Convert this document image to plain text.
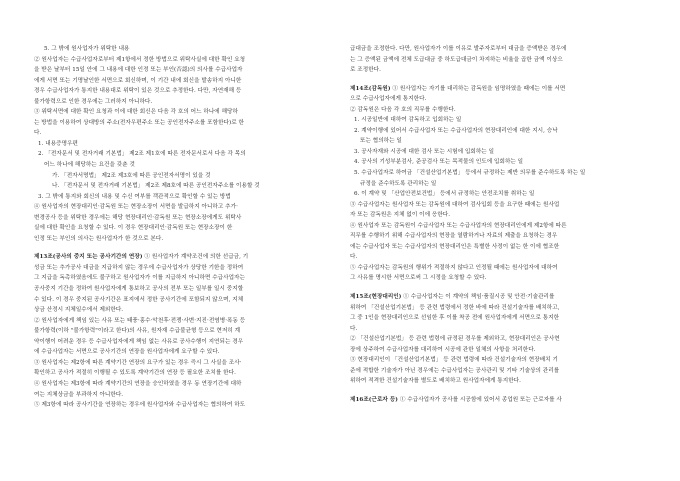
5. 그 밖에 원사업자가 위탁한 내용
② 원사업자는 수급사업자로부터 제1항에서 정한 방법으로 위탁사실에 대한 확인 요청
을 받은 날부터 15일 안에 그 내용에 대한 인정 또는 부인(否認)의 의사를 수급사업자
에게 서면 또는 기명날인한 서면으로 회신하며, 이 기간 내에 회신을 발송하지 아니한
경우 수급사업자가 통지한 내용대로 위탁이 있은 것으로 추정한다. 다만, 자연재해 등
불가항력으로 인한 경우에는 그러하지 아니하다.
③ 위탁서면에 대한 확인 요청과 이에 대한 회신은 다음 각 호의 어느 하나에 해당하
는 방법을 이용하여 상대방의 주소(전자우편주소 또는 공인전자주소를 포함한다)로 한
다.
1. 내용증명우편
2. 「전자문서 및 전자거래 기본법」 제2조 제1호에 따른 전자문서로서 다음 각 목의
어느 하나에 해당하는 요건을 갖춘 것
가. 「전자서명법」 제2조 제3호에 따른 공인전자서명이 있을 것
나. 「전자문서 및 전자거래 기본법」 제2조 제8호에 따른 공인전자주소를 이용할 것
3. 그 밖에 통지와 회신의 내용 및 수신 여부를 객관적으로 확인할 수 있는 방법
④ 원사업자의 현장대리인·감독원 또는 현장소장이 서면을 발급하지 아니하고 추가·
변경공사 등을 위탁한 경우에는 해당 현장대리인·감독원 또는 현장소장에게도 위탁사
실에 대한 확인을 요청할 수 있다. 이 경우 현장대리인·감독원 또는 현장소장이 한
인정 또는 부인의 의사는 원사업자가 한 것으로 본다.
제13조(공사의 중지 또는 공사기간의 연장) ① 원사업자가 계약조건에 의한 선급금, 기
성금 또는 추가공사 대금을 지급하지 않는 경우에 수급사업자가 상당한 기한을 정하여
그 지급을 독촉하였음에도 불구하고 원사업자가 이를 지급하지 아니하면 수급사업자는
공사중지 기간을 정하여 원사업자에게 통보하고 공사의 전부 또는 일부를 일시 중지할
수 있다. 이 경우 중지된 공사기간은 표지에서 정한 공사기간에 포함되지 않으며, 지체
상금 산정시 지체일수에서 제외한다.
② 원사업자에게 책임 있는 사유 또는 태풍·홍수·악천후·전쟁·사변·지진·전염병·폭동 등
불가항력(이하 "불가항력"이라고 한다)의 사유, 원자재 수급불균형 등으로 현저히 계
약이행이 어려운 경우 등 수급사업자에게 책임 없는 사유로 공사수행이 지연되는 경우
에 수급사업자는 서면으로 공사기간의 연장을 원사업자에게 요구할 수 있다.
③ 원사업자는 제2항에 따른 계약기간 연장의 요구가 있는 경우 즉시 그 사실을 조사·
확인하고 공사가 적절히 이행될 수 있도록 계약기간의 연장 등 필요한 조치를 한다.
④ 원사업자는 제3항에 따라 계약기간의 연장을 승인하였을 경우 동 연장기간에 대하
여는 지체상금을 부과하지 아니한다.
⑤ 제3항에 따라 공사기간을 연장하는 경우에 원사업자와 수급사업자는 협의하여 하도
급대금을 조정한다. 다만, 원사업자가 이를 이유로 발주자로부터 대금을 증액받은 경우에
는 그 증액된 금액에 전체 도급대금 중 하도급대금이 차지하는 비율을 곱한 금액 이상으
로 조정한다.
제14조(감독원) ① 원사업자는 자기를 대리하는 감독원을 임명하였을 때에는 이를 서면
으로 수급사업자에게 통지한다.
② 감독원은 다음 각 호의 직무를 수행한다.
1. 시공일반에 대하여 감독하고 입회하는 일
2. 계약이행에 있어서 수급사업자 또는 수급사업자의 현장대리인에 대한 지시, 승낙
또는 협의하는 일
3. 공사자재와 시공에 대한 검사 또는 시험에 입회하는 일
4. 공사의 기성부분검사, 준공검사 또는 목적물의 인도에 입회하는 일
5. 수급사업자로 하여금 「건설산업기본법」 등에서 규정하는 제반 의무를 준수하도록 하는 일
규정을 준수하도록 관리하는 일
6. 이 계약 및 「산업안전보건법」 등에서 규정하는 안전조치를 취하는 일
③ 수급사업자는 원사업자 또는 감독원에 대하여 검사입회 등을 요구한 때에는 원사업
자 또는 감독원은 지체 없이 이에 응한다.
④ 원사업자 또는 감독원이 수급사업자 또는 수급사업자의 현장대리인에게 제2항에 따른
직무를 수행하기 위해 수급사업자의 현장을 열람하거나 자료의 제출을 요청하는 경우
에는 수급사업자 또는 수급사업자의 현장대리인은 특별한 사정이 없는 한 이에 협조한
다.
⑤ 수급사업자는 감독원의 행위가 적절하지 않다고 인정될 때에는 원사업자에 대하여
그 사유를 명시한 서면으로써 그 시정을 요청할 수 있다.
제15조(현장대리인) ① 수급사업자는 이 계약의 책임·품질시공 및 안전·기술관리를
위하여 「건설산업기본법」 등 관련 법령에서 정한 바에 따라 건설기술자를 배치하고,
그 중 1인을 현장대리인으로 선임한 후 이를 착공 전에 원사업자에게 서면으로 통지한
다.
② 「건설산업기본법」 등 관련 법령에 규정된 경우를 제외하고, 현장대리인은 공사현
장에 상주하여 수급사업자를 대리하여 시공에 관한 일체의 사항을 처리한다.
③ 현장대리인이 「건설산업기본법」 등 관련 법령에 따라 건설기술자의 현장배치 기
준에 적합한 기술자가 아닌 경우에는 수급사업자는 공사관리 및 기타 기술상의 관리를
위하여 적격한 건설기술자를 별도로 배치하고 원사업자에게 통지한다.
제16조(근로자 등) ① 수급사업자가 공사를 시공함에 있어서 종업원 또는 근로자를 사
